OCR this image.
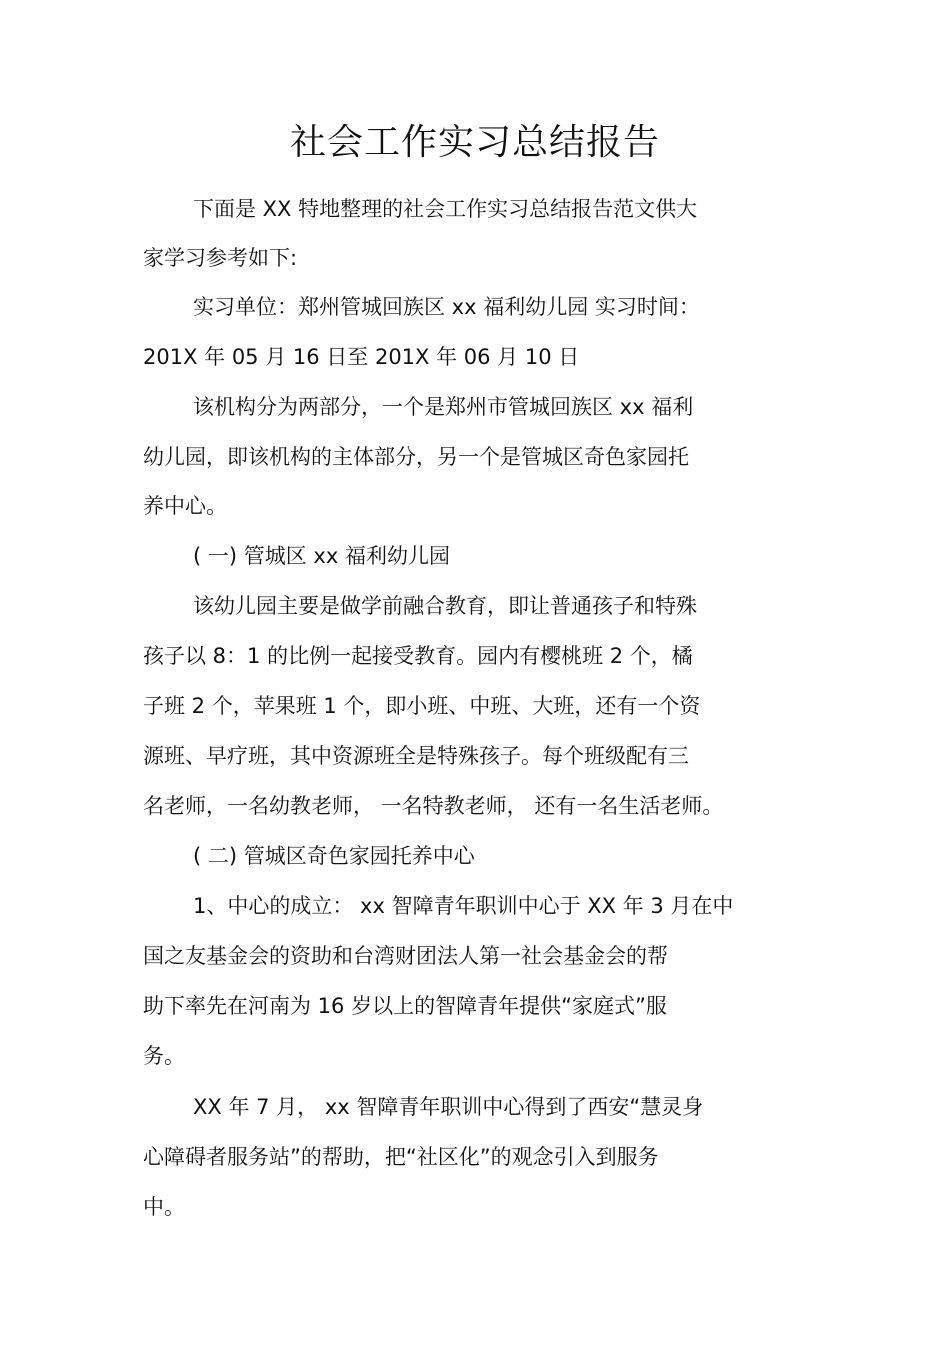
社会工作实习总结报告
下面是 XX 特地整理的社会工作实习总结报告范文供大
家学习参考如下:
实习单位：郑州管城回族区 xx 福利幼儿园 实习时间：
201X 年 05 月 16 日至 201X 年 06 月 10 日
该机构分为两部分，一个是郑州市管城回族区 xx 福利
幼儿园，即该机构的主体部分，另一个是管城区奇色家园托
养中心。
( 一) 管城区 xx 福利幼儿园
该幼儿园主要是做学前融合教育，即让普通孩子和特殊
孩子以 8：1 的比例一起接受教育。园内有樱桃班 2 个，橘
子班 2 个，苹果班 1 个，即小班、中班、大班，还有一个资
源班、早疗班，其中资源班全是特殊孩子。每个班级配有三
名老师，一名幼教老师， 一名特教老师， 还有一名生活老师。
( 二) 管城区奇色家园托养中心
1、中心的成立： xx 智障青年职训中心于 XX 年 3 月在中
国之友基金会的资助和台湾财团法人第一社会基金会的帮
助下率先在河南为 16 岁以上的智障青年提供“家庭式”服
务。
XX 年 7 月， xx 智障青年职训中心得到了西安“慧灵身
心障碍者服务站”的帮助，把“社区化”的观念引入到服务
中。
